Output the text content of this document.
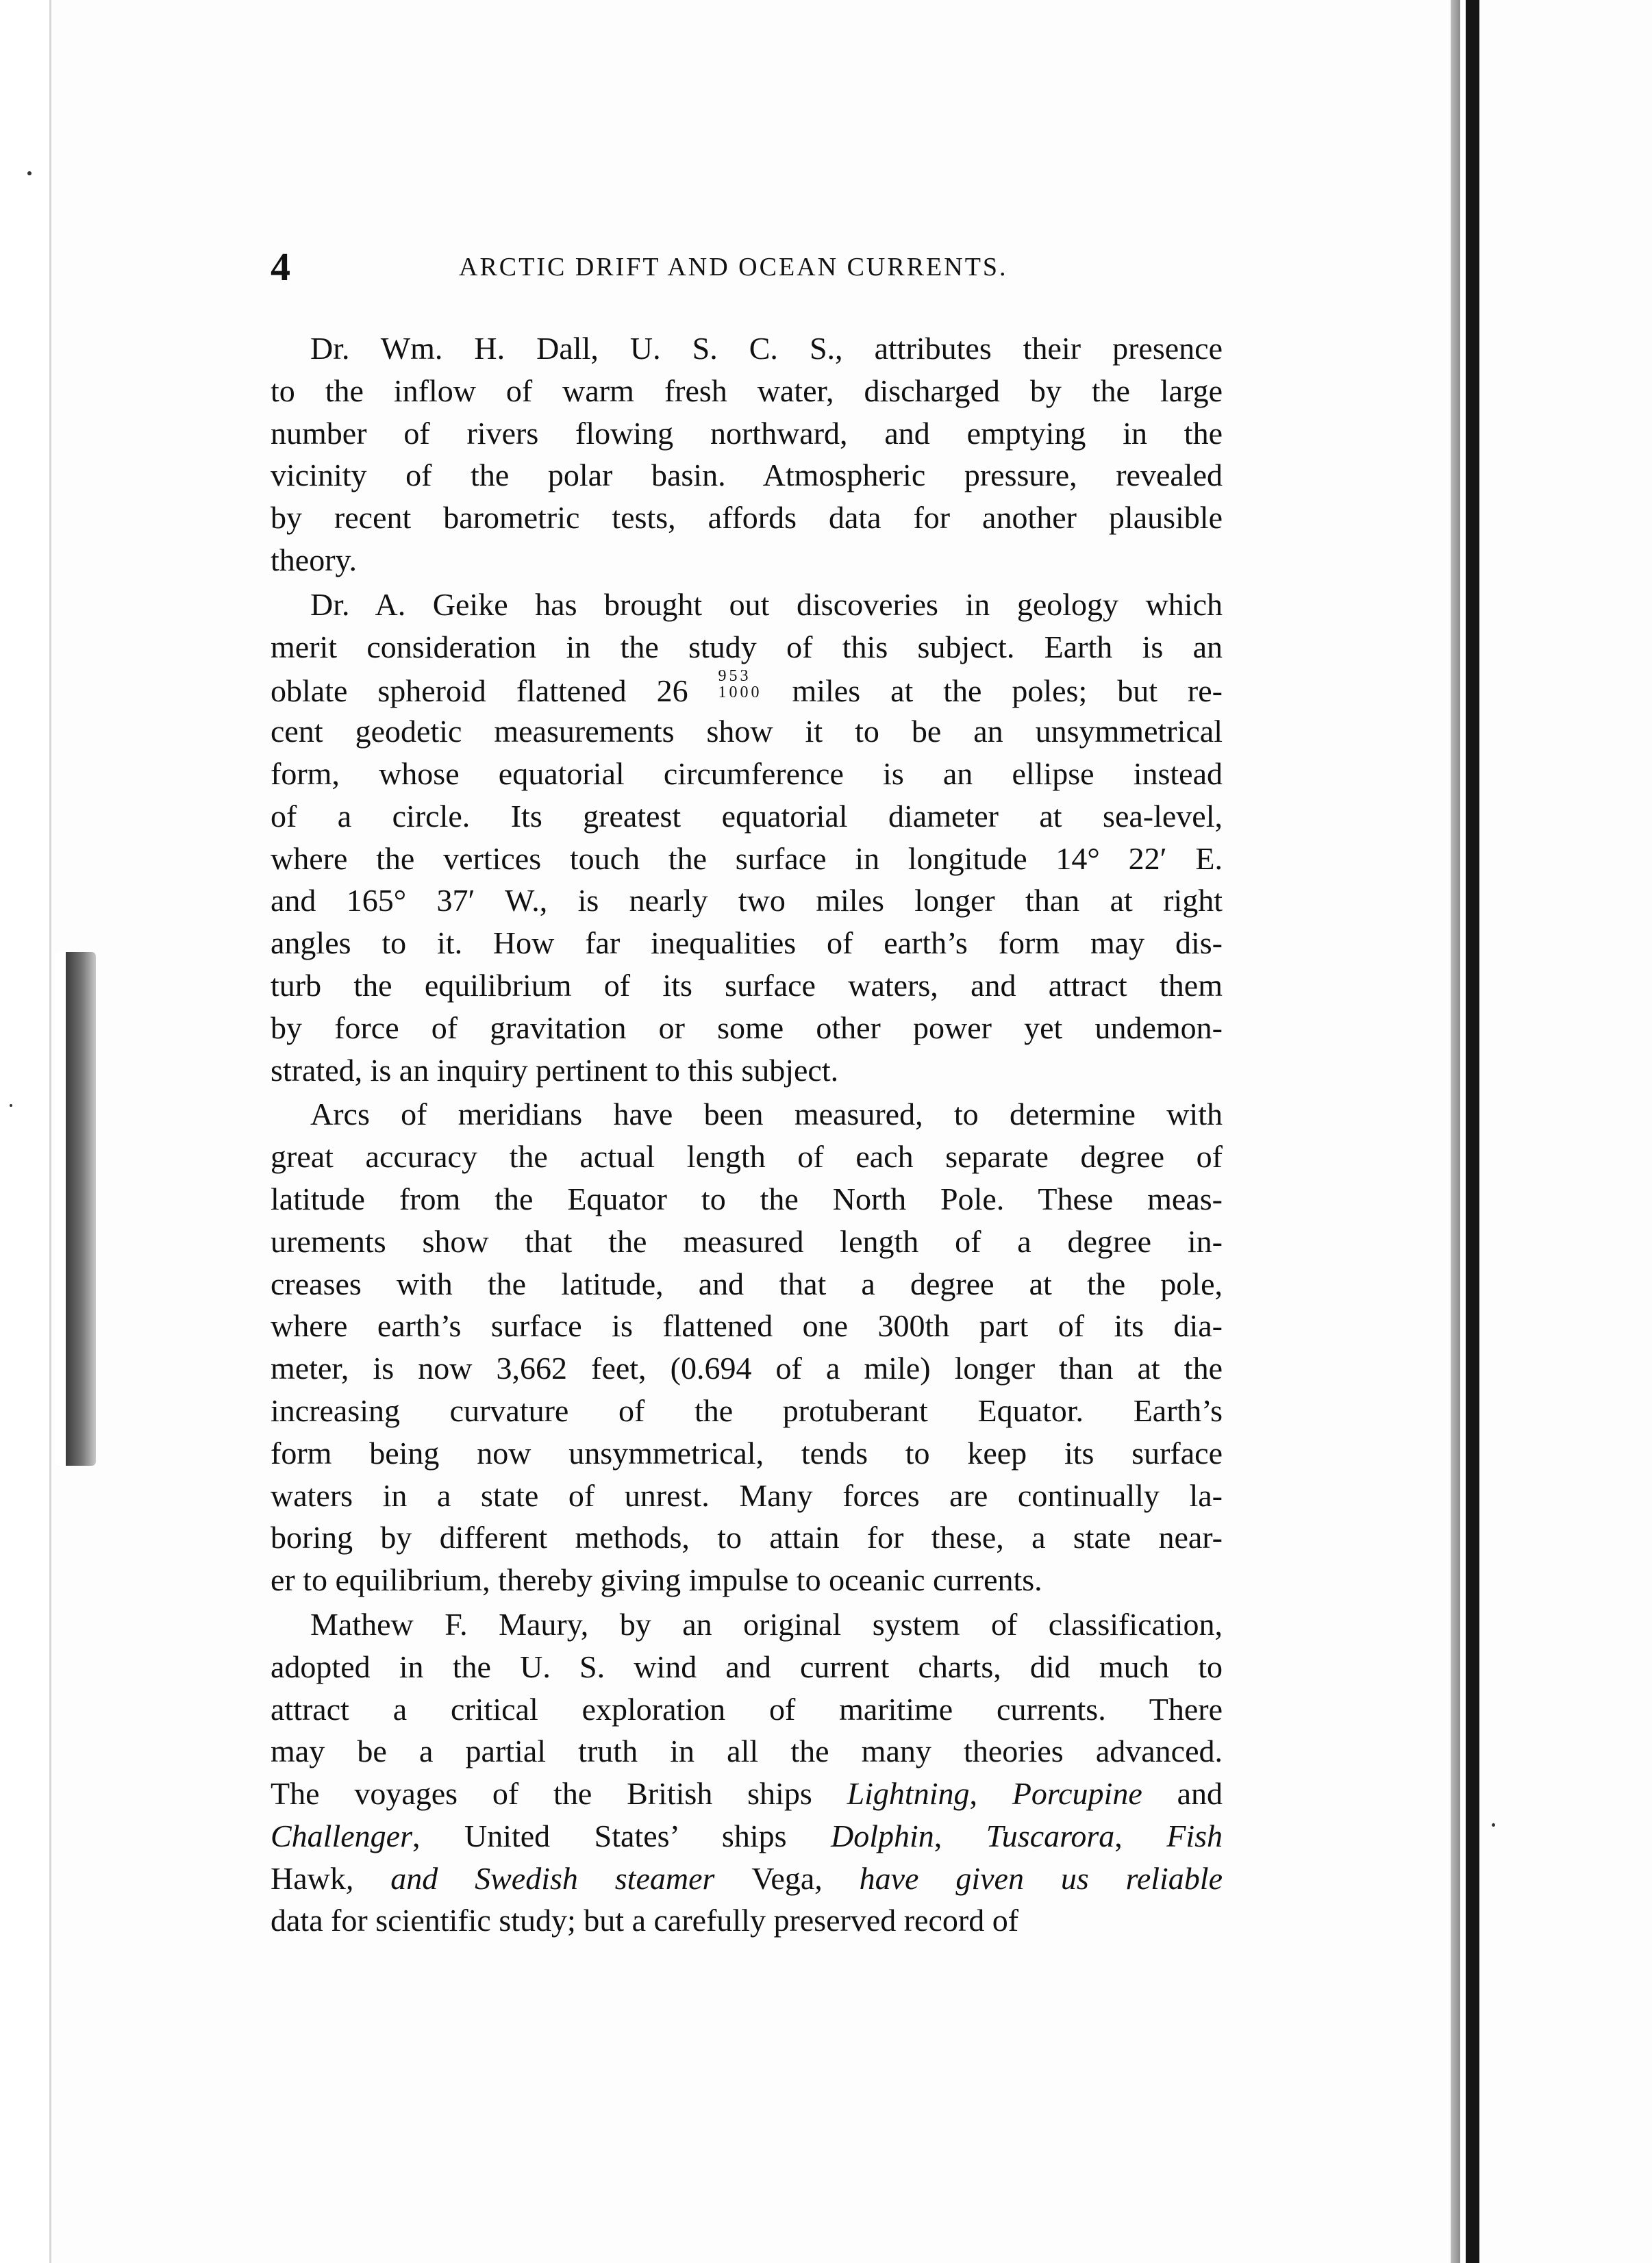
4	ARCTIC DRIFT AND OCEAN CURRENTS.
Dr. Wm. H. Dall, U. S. C. S., attributes their presence
to the inflow of warm fresh water, discharged by the large
number of rivers flowing northward, and emptying in the
vicinity of the polar basin. Atmospheric pressure, revealed
by recent barometric tests, affords data for another plausible
theory.
Dr. A. Geike has brought out discoveries in geology which
merit consideration in the study of this subject. Earth is an
oblate spheroid flattened 26 953
1000 miles at the poles; but re-
cent geodetic measurements show it to be an unsymmetrical
form, whose equatorial circumference is an ellipse instead
of a circle. Its greatest equatorial diameter at sea-level,
where the vertices touch the surface in longitude 14° 22′ E.
and 165° 37′ W., is nearly two miles longer than at right
angles to it. How far inequalities of earth’s form may dis-
turb the equilibrium of its surface waters, and attract them
by force of gravitation or some other power yet undemon-
strated, is an inquiry pertinent to this subject.
Arcs of meridians have been measured, to determine with
great accuracy the actual length of each separate degree of
latitude from the Equator to the North Pole. These meas-
urements show that the measured length of a degree in-
creases with the latitude, and that a degree at the pole,
where earth’s surface is flattened one 300th part of its dia-
meter, is now 3,662 feet, (0.694 of a mile) longer than at the
increasing curvature of the protuberant Equator. Earth’s
form being now unsymmetrical, tends to keep its surface
waters in a state of unrest. Many forces are continually la-
boring by different methods, to attain for these, a state near-
er to equilibrium, thereby giving impulse to oceanic currents.
Mathew F. Maury, by an original system of classification,
adopted in the U. S. wind and current charts, did much to
attract a critical exploration of maritime currents. There
may be a partial truth in all the many theories advanced.
The voyages of the British ships Lightning, Porcupine and
Challenger, United States’ ships Dolphin, Tuscarora, Fish
Hawk, and Swedish steamer Vega, have given us reliable
data for scientific study; but a carefully preserved record of
